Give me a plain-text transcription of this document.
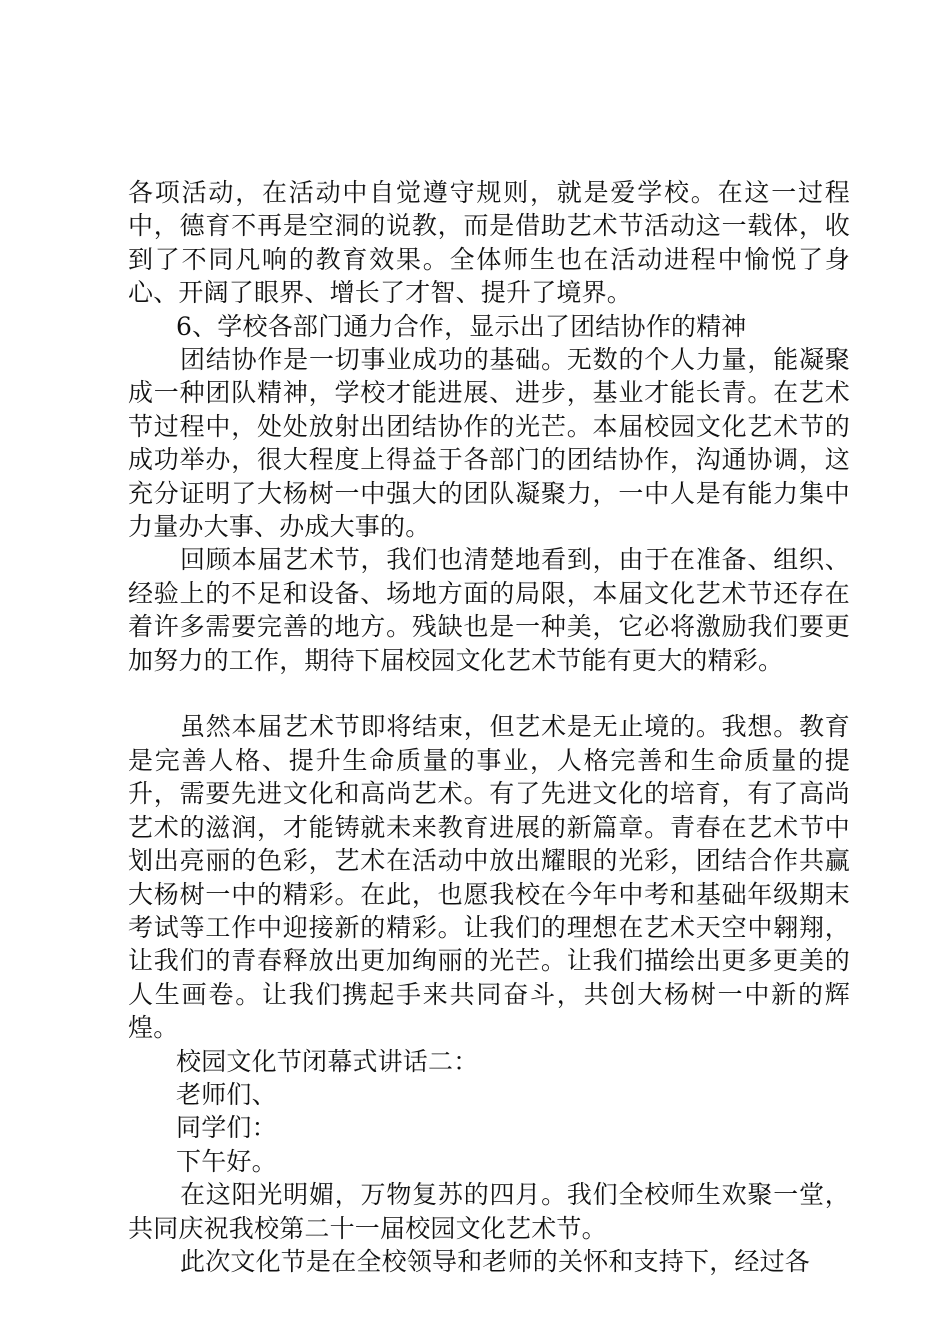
各项活动，在活动中自觉遵守规则，就是爱学校。在这一过程中，德育不再是空洞的说教，而是借助艺术节活动这一载体，收到了不同凡响的教育效果。全体师生也在活动进程中愉悦了身心、开阔了眼界、增长了才智、提升了境界。

6、学校各部门通力合作，显示出了团结协作的精神

团结协作是一切事业成功的基础。无数的个人力量，能凝聚成一种团队精神，学校才能进展、进步，基业才能长青。在艺术节过程中，处处放射出团结协作的光芒。本届校园文化艺术节的成功举办，很大程度上得益于各部门的团结协作，沟通协调，这充分证明了大杨树一中强大的团队凝聚力，一中人是有能力集中力量办大事、办成大事的。

回顾本届艺术节，我们也清楚地看到，由于在准备、组织、经验上的不足和设备、场地方面的局限，本届文化艺术节还存在着许多需要完善的地方。残缺也是一种美，它必将激励我们要更加努力的工作，期待下届校园文化艺术节能有更大的精彩。

虽然本届艺术节即将结束，但艺术是无止境的。我想。教育是完善人格、提升生命质量的事业，人格完善和生命质量的提升，需要先进文化和高尚艺术。有了先进文化的培育，有了高尚艺术的滋润，才能铸就未来教育进展的新篇章。青春在艺术节中划出亮丽的色彩，艺术在活动中放出耀眼的光彩，团结合作共赢大杨树一中的精彩。在此，也愿我校在今年中考和基础年级期末考试等工作中迎接新的精彩。让我们的理想在艺术天空中翱翔，让我们的青春释放出更加绚丽的光芒。让我们描绘出更多更美的人生画卷。让我们携起手来共同奋斗，共创大杨树一中新的辉煌。

校园文化节闭幕式讲话二：

老师们、

同学们：

下午好。

在这阳光明媚，万物复苏的四月。我们全校师生欢聚一堂，共同庆祝我校第二十一届校园文化艺术节。

此次文化节是在全校领导和老师的关怀和支持下，经过各
